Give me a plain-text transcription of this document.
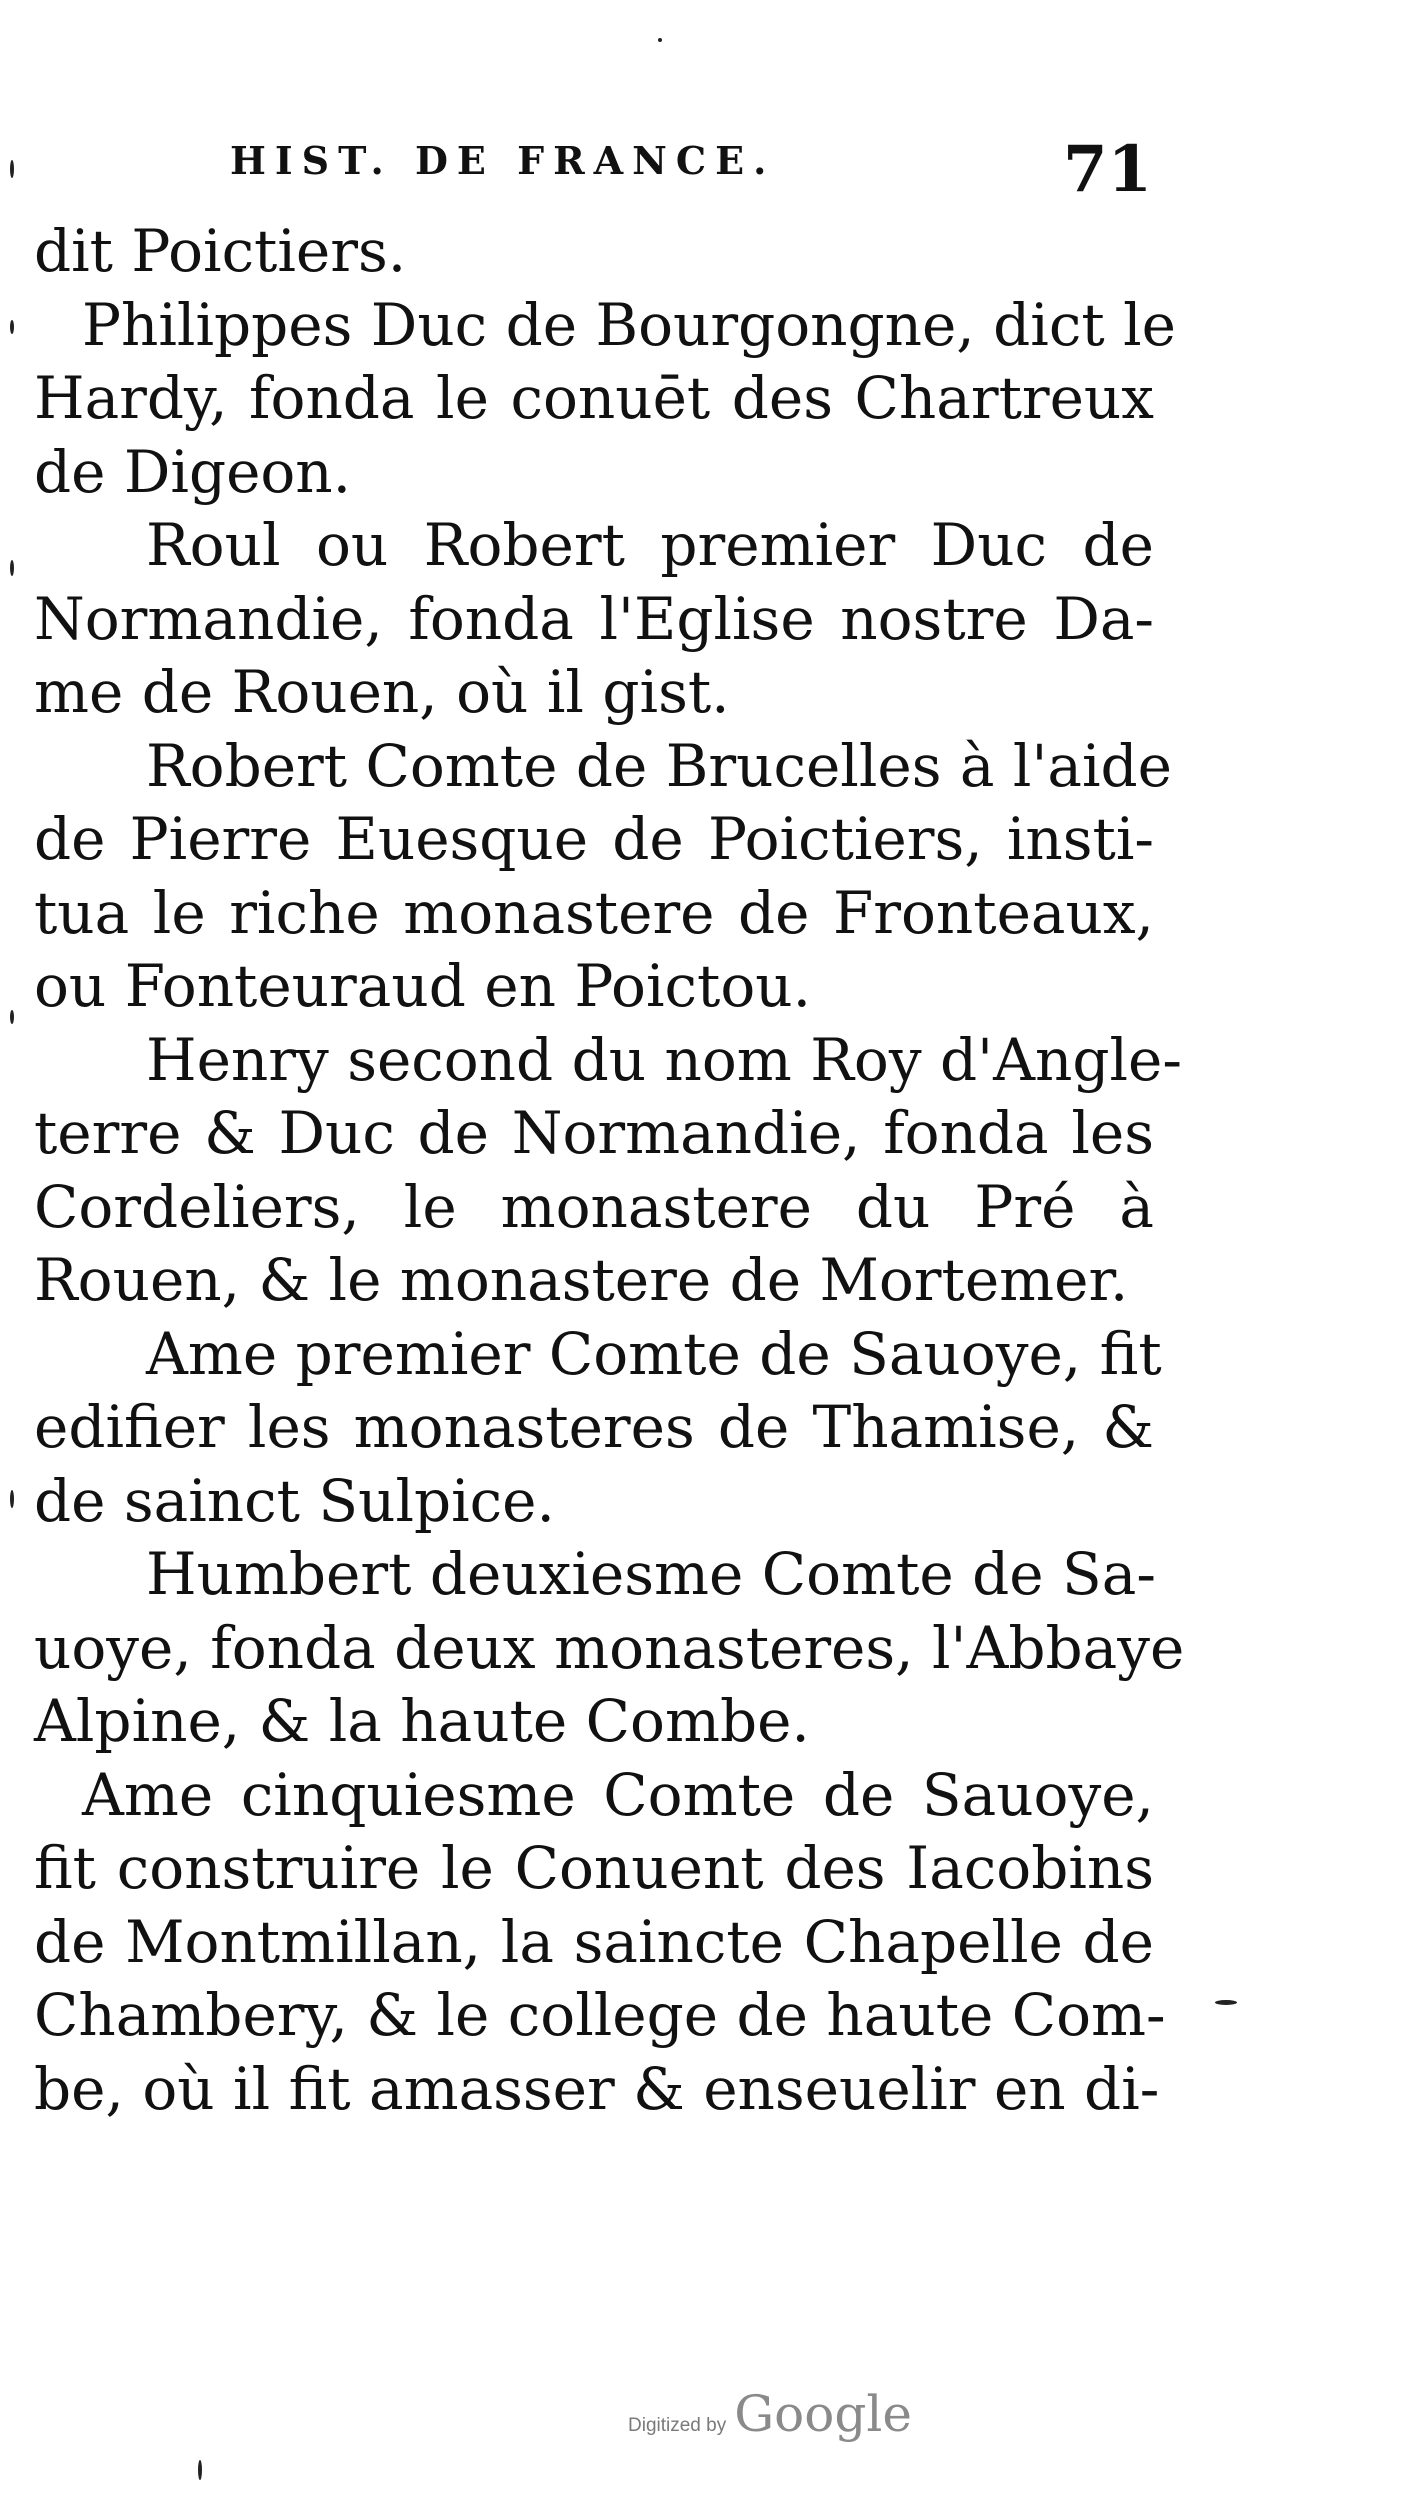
HIST. DE FRANCE.	71
dit Poictiers.
Philippes Duc de Bourgongne, dict le
Hardy, fonda le conuēt des Chartreux
de Digeon.
Roul ou Robert premier Duc de
Normandie, fonda l'Eglise nostre Da-
me de Rouen, où il gist.
Robert Comte de Brucelles à l'aide
de Pierre Euesque de Poictiers, insti-
tua le riche monastere de Fronteaux,
ou Fonteuraud en Poictou.
Henry second du nom Roy d'Angle-
terre & Duc de Normandie, fonda les
Cordeliers, le monastere du Pré à
Rouen, & le monastere de Mortemer.
Ame premier Comte de Sauoye, fit
edifier les monasteres de Thamise, &
de sainct Sulpice.
Humbert deuxiesme Comte de Sa-
uoye, fonda deux monasteres, l'Abbaye
Alpine, & la haute Combe.
Ame cinquiesme Comte de Sauoye,
fit construire le Conuent des Iacobins
de Montmillan, la saincte Chapelle de
Chambery, & le college de haute Com-
be, où il fit amasser & enseuelir en di-
Digitized by Google
